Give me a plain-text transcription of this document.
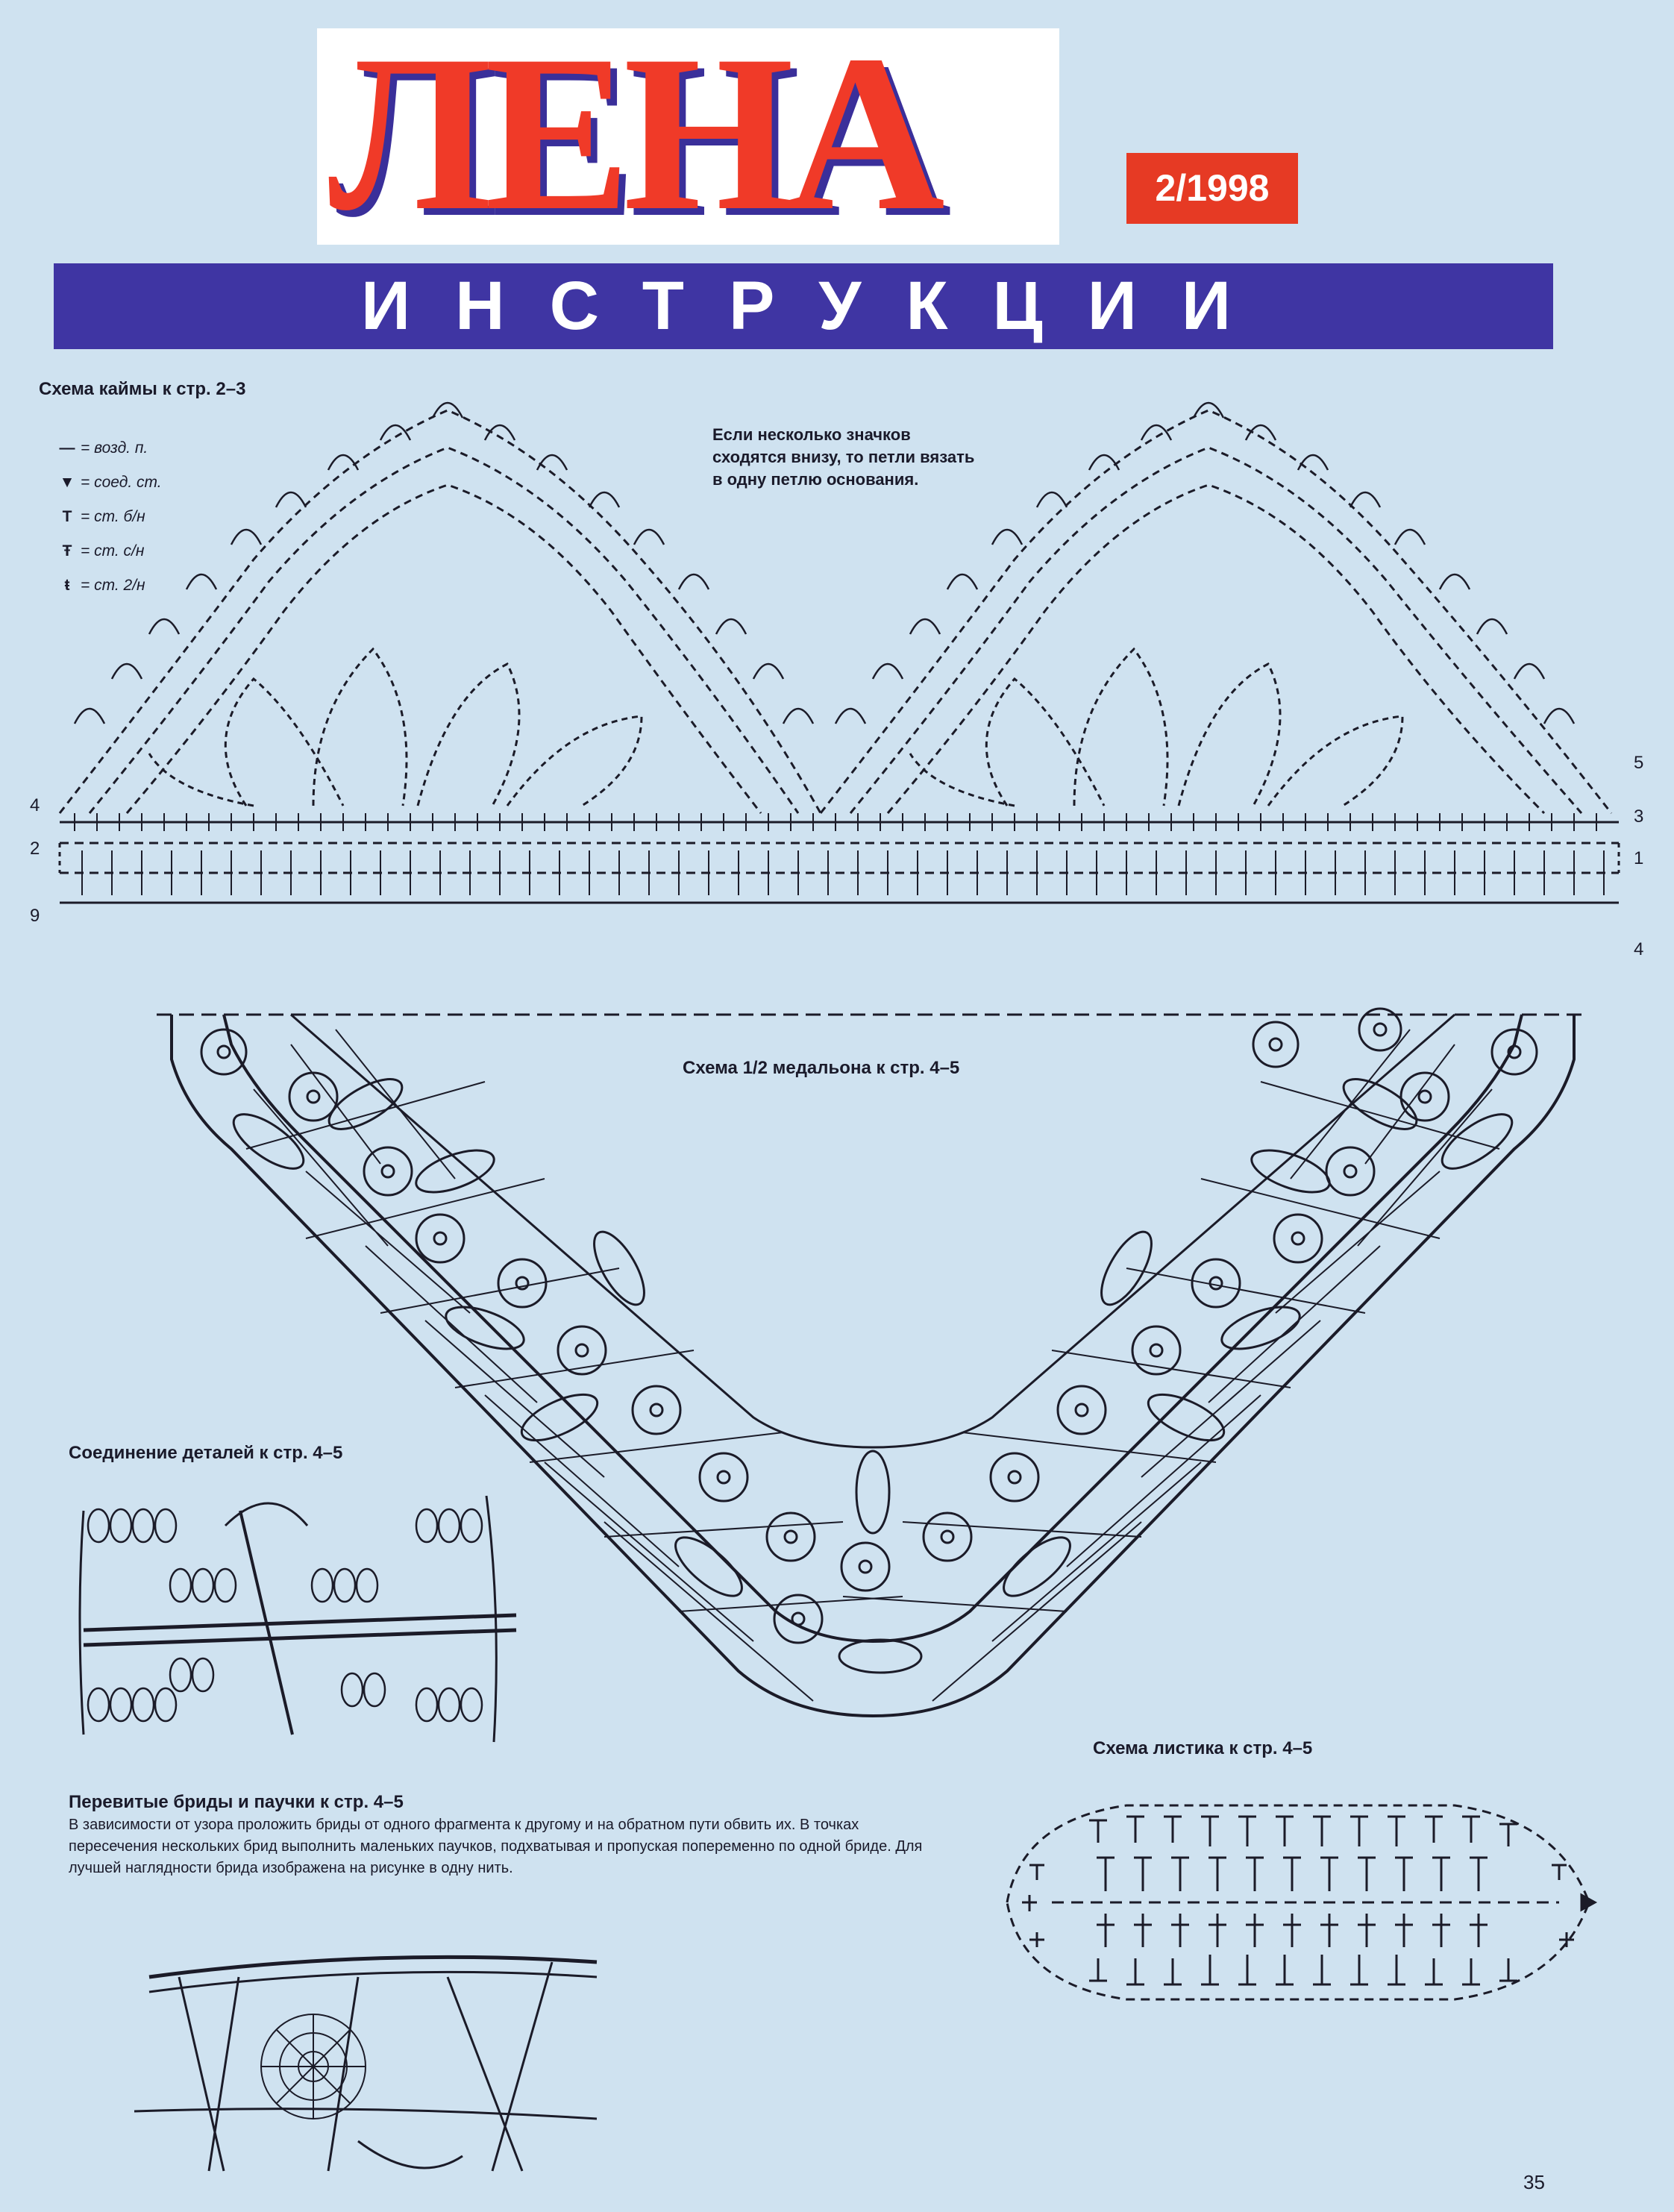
ЛЕНА	2/1998
ИНСТРУКЦИИ
Схема каймы к стр. 2–3
— = возд. п.
▼ = соед. ст.
T = ст. б/н
Ŧ = ст. с/н
ŧ = ст. 2/н
Если несколько значков сходятся внизу, то петли вязать в одну петлю основания.
4
2
9
5
3
1
4
Схема 1/2 медальона к стр. 4–5
Соединение деталей к стр. 4–5
Перевитые бриды и паучки к стр. 4–5
В зависимости от узора проложить бриды от одного фрагмента к другому и на обратном пути обвить их. В точках пересечения нескольких брид выполнить маленьких паучков, подхватывая и пропуская попеременно по одной бриде. Для лучшей наглядности брида изображена на рисунке в одну нить.
Схема листика к стр. 4–5
35
